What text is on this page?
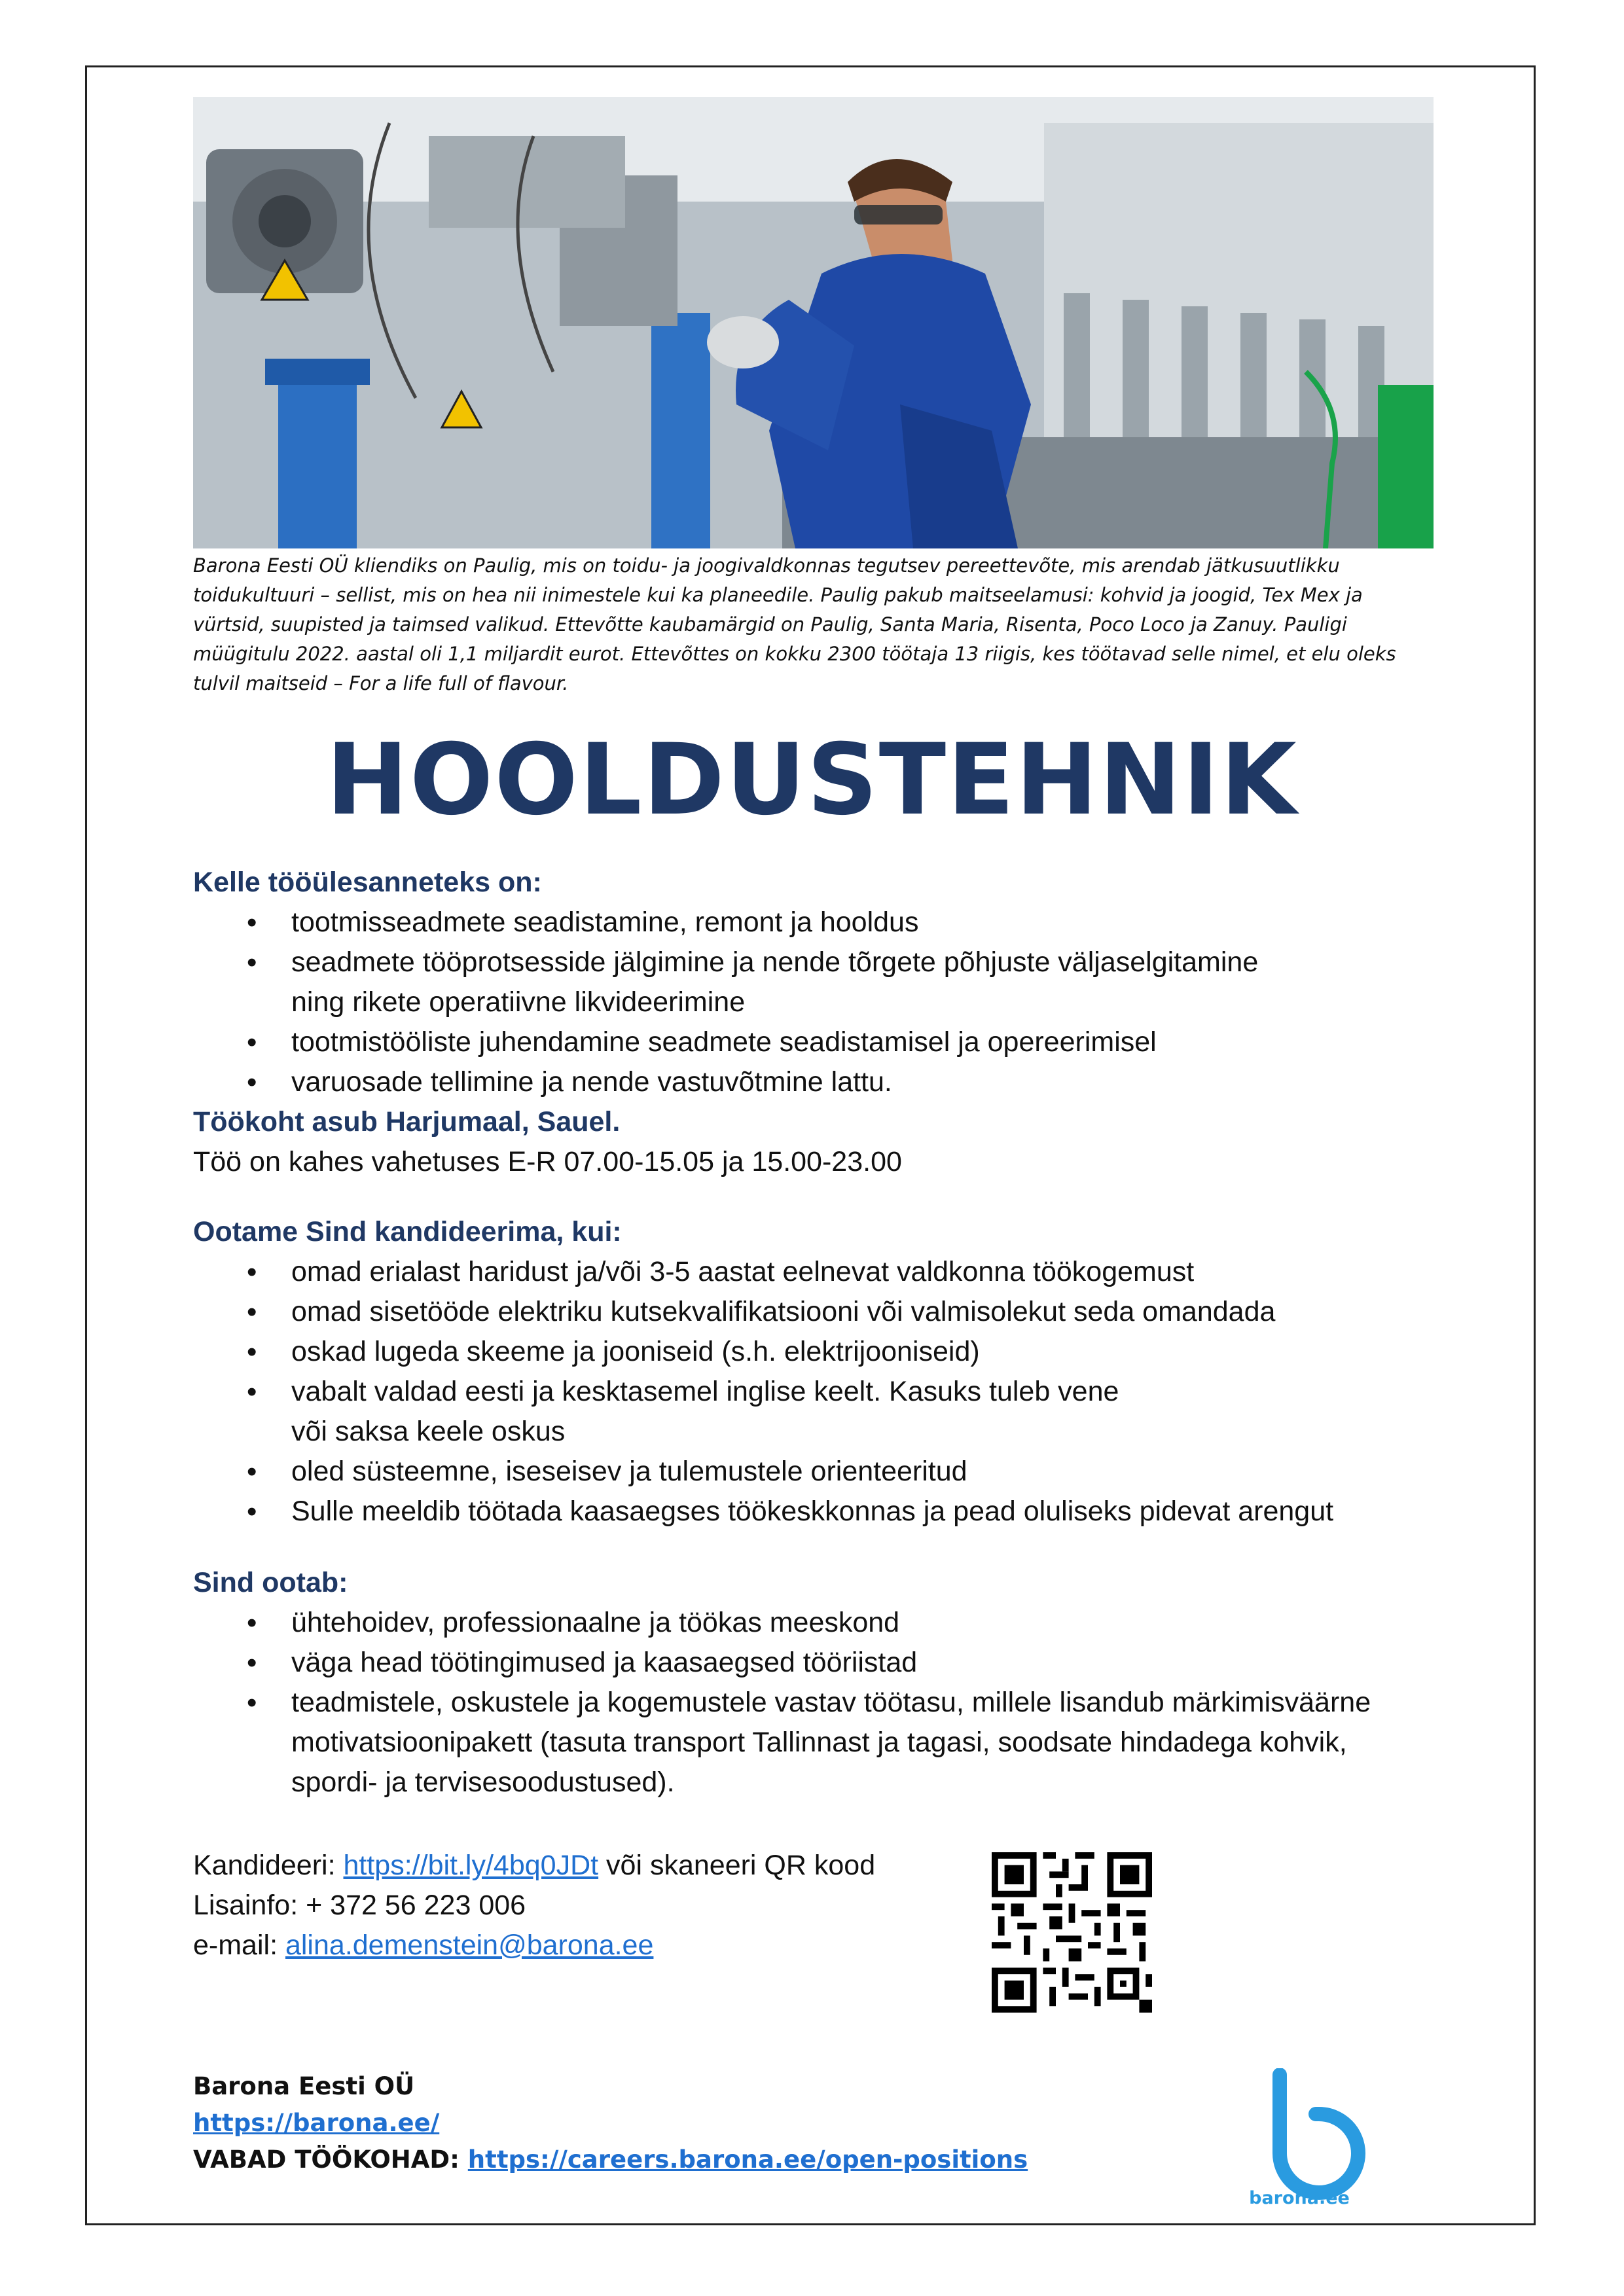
Barona Eesti OÜ kliendiks on Paulig, mis on toidu- ja joogivaldkonnas tegutsev pereettevõte, mis arendab jätkusuutlikku toidukultuuri – sellist, mis on hea nii inimestele kui ka planeedile. Paulig pakub maitseelamusi: kohvid ja joogid, Tex Mex ja vürtsid, suupisted ja taimsed valikud. Ettevõtte kaubamärgid on Paulig, Santa Maria, Risenta, Poco Loco ja Zanuy. Pauligi müügitulu 2022. aastal oli 1,1 miljardit eurot. Ettevõttes on kokku 2300 töötaja 13 riigis, kes töötavad selle nimel, et elu oleks tulvil maitseid – For a life full of flavour.
HOOLDUSTEHNIK
Kelle tööülesanneteks on:
• tootmisseadmete seadistamine, remont ja hooldus
• seadmete tööprotsesside jälgimine ja nende tõrgete põhjuste väljaselgitamine ning rikete operatiivne likvideerimine
• tootmistööliste juhendamine seadmete seadistamisel ja opereerimisel
• varuosade tellimine ja nende vastuvõtmine lattu.
Töökoht asub Harjumaal, Sauel.
Töö on kahes vahetuses E-R 07.00-15.05 ja 15.00-23.00
Ootame Sind kandideerima, kui:
• omad erialast haridust ja/või 3-5 aastat eelnevat valdkonna töökogemust
• omad sisetööde elektriku kutsekvalifikatsiooni või valmisolekut seda omandada
• oskad lugeda skeeme ja jooniseid (s.h. elektrijooniseid)
• vabalt valdad eesti ja kesktasemel inglise keelt. Kasuks tuleb vene või saksa keele oskus
• oled süsteemne, iseseisev ja tulemustele orienteeritud
• Sulle meeldib töötada kaasaegses töökeskkonnas ja pead oluliseks pidevat arengut
Sind ootab:
• ühtehoidev, professionaalne ja töökas meeskond
• väga head töötingimused ja kaasaegsed tööriistad
• teadmistele, oskustele ja kogemustele vastav töötasu, millele lisandub märkimisväärne motivatsioonipakett (tasuta transport Tallinnast ja tagasi, soodsate hindadega kohvik, spordi- ja tervisesoodustused).
Kandideeri: https://bit.ly/4bq0JDt või skaneeri QR kood
Lisainfo: + 372 56 223 006
e-mail: alina.demenstein@barona.ee
Barona Eesti OÜ
https://barona.ee/
VABAD TÖÖKOHAD: https://careers.barona.ee/open-positions
barona.ee
